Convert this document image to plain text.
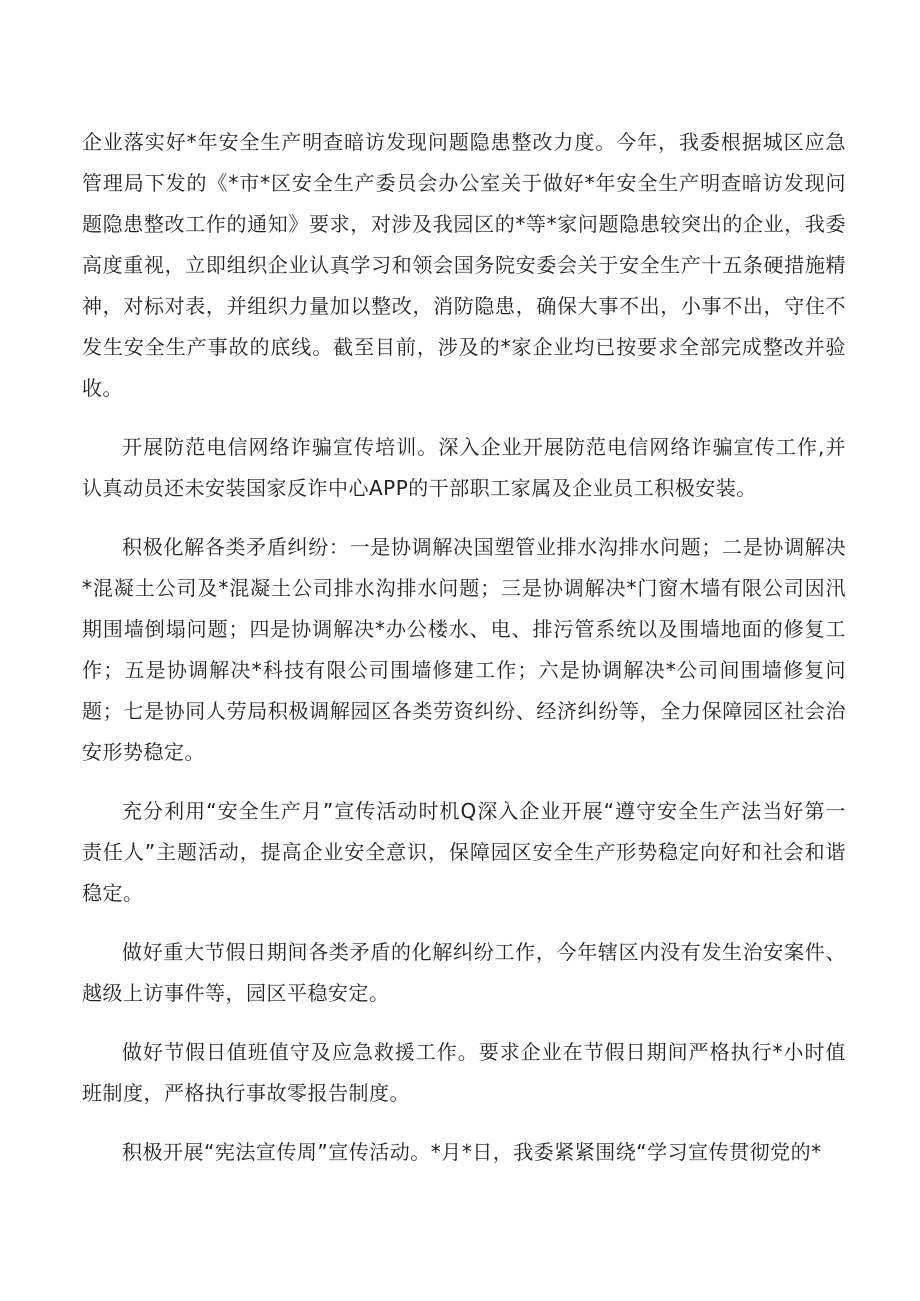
企业落实好*年安全生产明查暗访发现问题隐患整改力度。今年，我委根据城区应急管理局下发的《*市*区安全生产委员会办公室关于做好*年安全生产明查暗访发现问题隐患整改工作的通知》要求，对涉及我园区的*等*家问题隐患较突出的企业，我委高度重视，立即组织企业认真学习和领会国务院安委会关于安全生产十五条硬措施精神，对标对表，并组织力量加以整改，消防隐患，确保大事不出，小事不出，守住不发生安全生产事故的底线。截至目前，涉及的*家企业均已按要求全部完成整改并验收。

开展防范电信网络诈骗宣传培训。深入企业开展防范电信网络诈骗宣传工作,并认真动员还未安装国家反诈中心APP的干部职工家属及企业员工积极安装。

积极化解各类矛盾纠纷：一是协调解决国塑管业排水沟排水问题；二是协调解决*混凝土公司及*混凝土公司排水沟排水问题；三是协调解决*门窗木墙有限公司因汛期围墙倒塌问题；四是协调解决*办公楼水、电、排污管系统以及围墙地面的修复工作；五是协调解决*科技有限公司围墙修建工作；六是协调解决*公司间围墙修复问题；七是协同人劳局积极调解园区各类劳资纠纷、经济纠纷等，全力保障园区社会治安形势稳定。

充分利用“安全生产月”宣传活动时机Q深入企业开展“遵守安全生产法当好第一责任人”主题活动，提高企业安全意识，保障园区安全生产形势稳定向好和社会和谐稳定。

做好重大节假日期间各类矛盾的化解纠纷工作，今年辖区内没有发生治安案件、越级上访事件等，园区平稳安定。

做好节假日值班值守及应急救援工作。要求企业在节假日期间严格执行*小时值班制度，严格执行事故零报告制度。

积极开展“宪法宣传周”宣传活动。*月*日，我委紧紧围绕“学习宣传贯彻党的*
